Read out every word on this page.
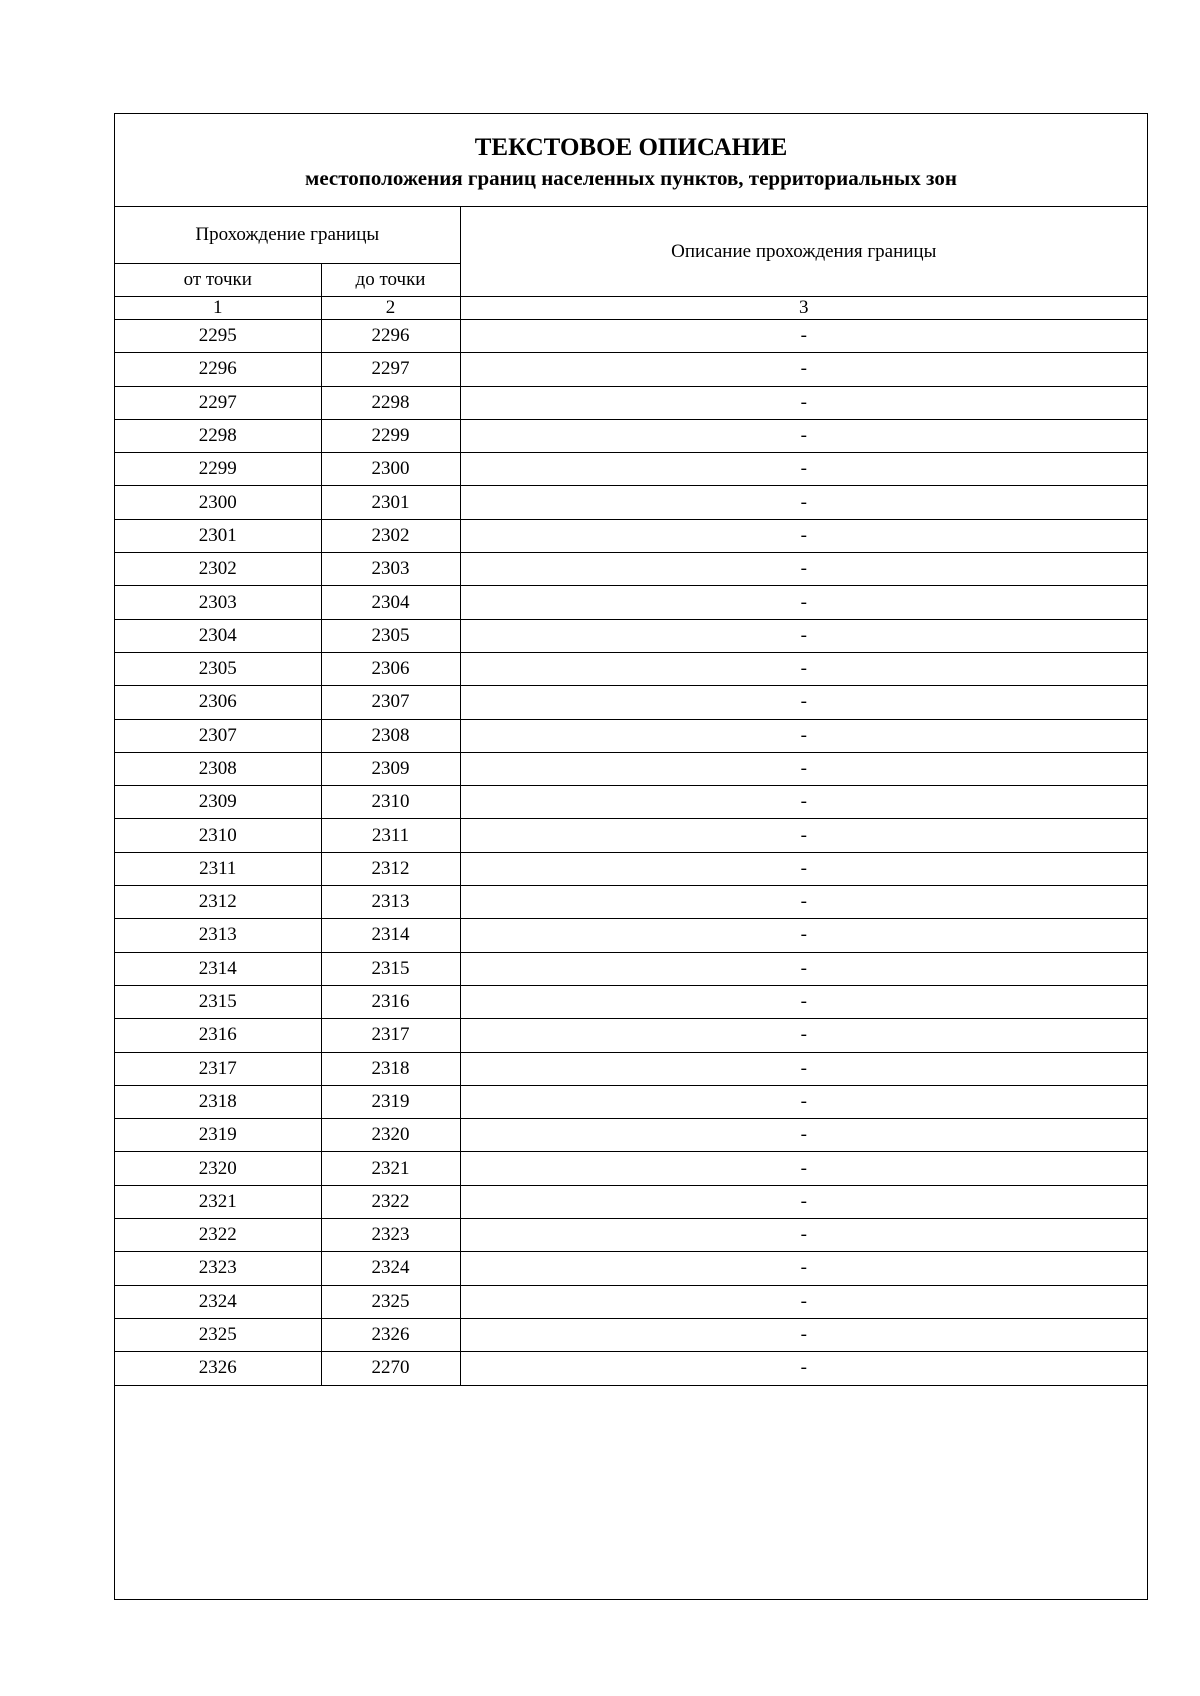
ТЕКСТОВОЕ ОПИСАНИЕ
местоположения границ населенных пунктов, территориальных зон
Прохождение границы		Описание прохождения границы
от точки	до точки	
1	2	3
2295	2296	-
2296	2297	-
2297	2298	-
2298	2299	-
2299	2300	-
2300	2301	-
2301	2302	-
2302	2303	-
2303	2304	-
2304	2305	-
2305	2306	-
2306	2307	-
2307	2308	-
2308	2309	-
2309	2310	-
2310	2311	-
2311	2312	-
2312	2313	-
2313	2314	-
2314	2315	-
2315	2316	-
2316	2317	-
2317	2318	-
2318	2319	-
2319	2320	-
2320	2321	-
2321	2322	-
2322	2323	-
2323	2324	-
2324	2325	-
2325	2326	-
2326	2270	-
